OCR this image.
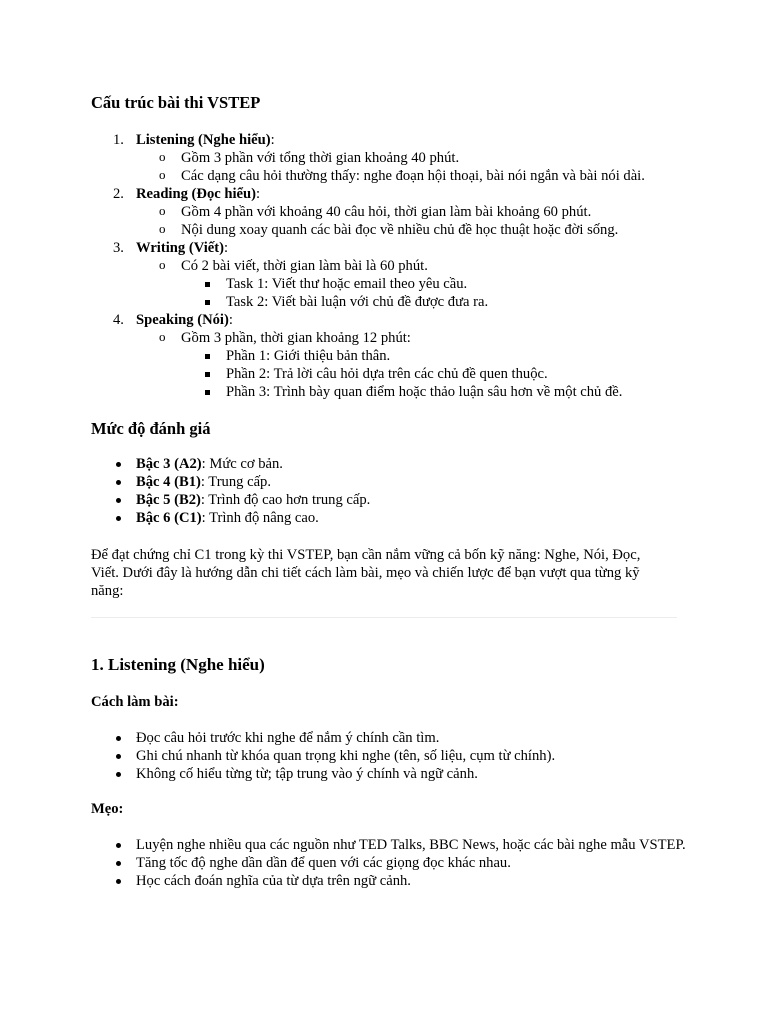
Cấu trúc bài thi VSTEP
1. Listening (Nghe hiểu):
o Gồm 3 phần với tổng thời gian khoảng 40 phút.
o Các dạng câu hỏi thường thấy: nghe đoạn hội thoại, bài nói ngắn và bài nói dài.
2. Reading (Đọc hiểu):
o Gồm 4 phần với khoảng 40 câu hỏi, thời gian làm bài khoảng 60 phút.
o Nội dung xoay quanh các bài đọc về nhiều chủ đề học thuật hoặc đời sống.
3. Writing (Viết):
o Có 2 bài viết, thời gian làm bài là 60 phút.
Task 1: Viết thư hoặc email theo yêu cầu.
Task 2: Viết bài luận với chủ đề được đưa ra.
4. Speaking (Nói):
o Gồm 3 phần, thời gian khoảng 12 phút:
Phần 1: Giới thiệu bản thân.
Phần 2: Trả lời câu hỏi dựa trên các chủ đề quen thuộc.
Phần 3: Trình bày quan điểm hoặc thảo luận sâu hơn về một chủ đề.
Mức độ đánh giá
Bậc 3 (A2): Mức cơ bản.
Bậc 4 (B1): Trung cấp.
Bậc 5 (B2): Trình độ cao hơn trung cấp.
Bậc 6 (C1): Trình độ nâng cao.

Để đạt chứng chỉ C1 trong kỳ thi VSTEP, bạn cần nắm vững cả bốn kỹ năng: Nghe, Nói, Đọc, Viết. Dưới đây là hướng dẫn chi tiết cách làm bài, mẹo và chiến lược để bạn vượt qua từng kỹ năng:

1. Listening (Nghe hiểu)

Cách làm bài:

Đọc câu hỏi trước khi nghe để nắm ý chính cần tìm.
Ghi chú nhanh từ khóa quan trọng khi nghe (tên, số liệu, cụm từ chính).
Không cố hiểu từng từ; tập trung vào ý chính và ngữ cảnh.

Mẹo:

Luyện nghe nhiều qua các nguồn như TED Talks, BBC News, hoặc các bài nghe mẫu VSTEP.
Tăng tốc độ nghe dần dần để quen với các giọng đọc khác nhau.
Học cách đoán nghĩa của từ dựa trên ngữ cảnh.
